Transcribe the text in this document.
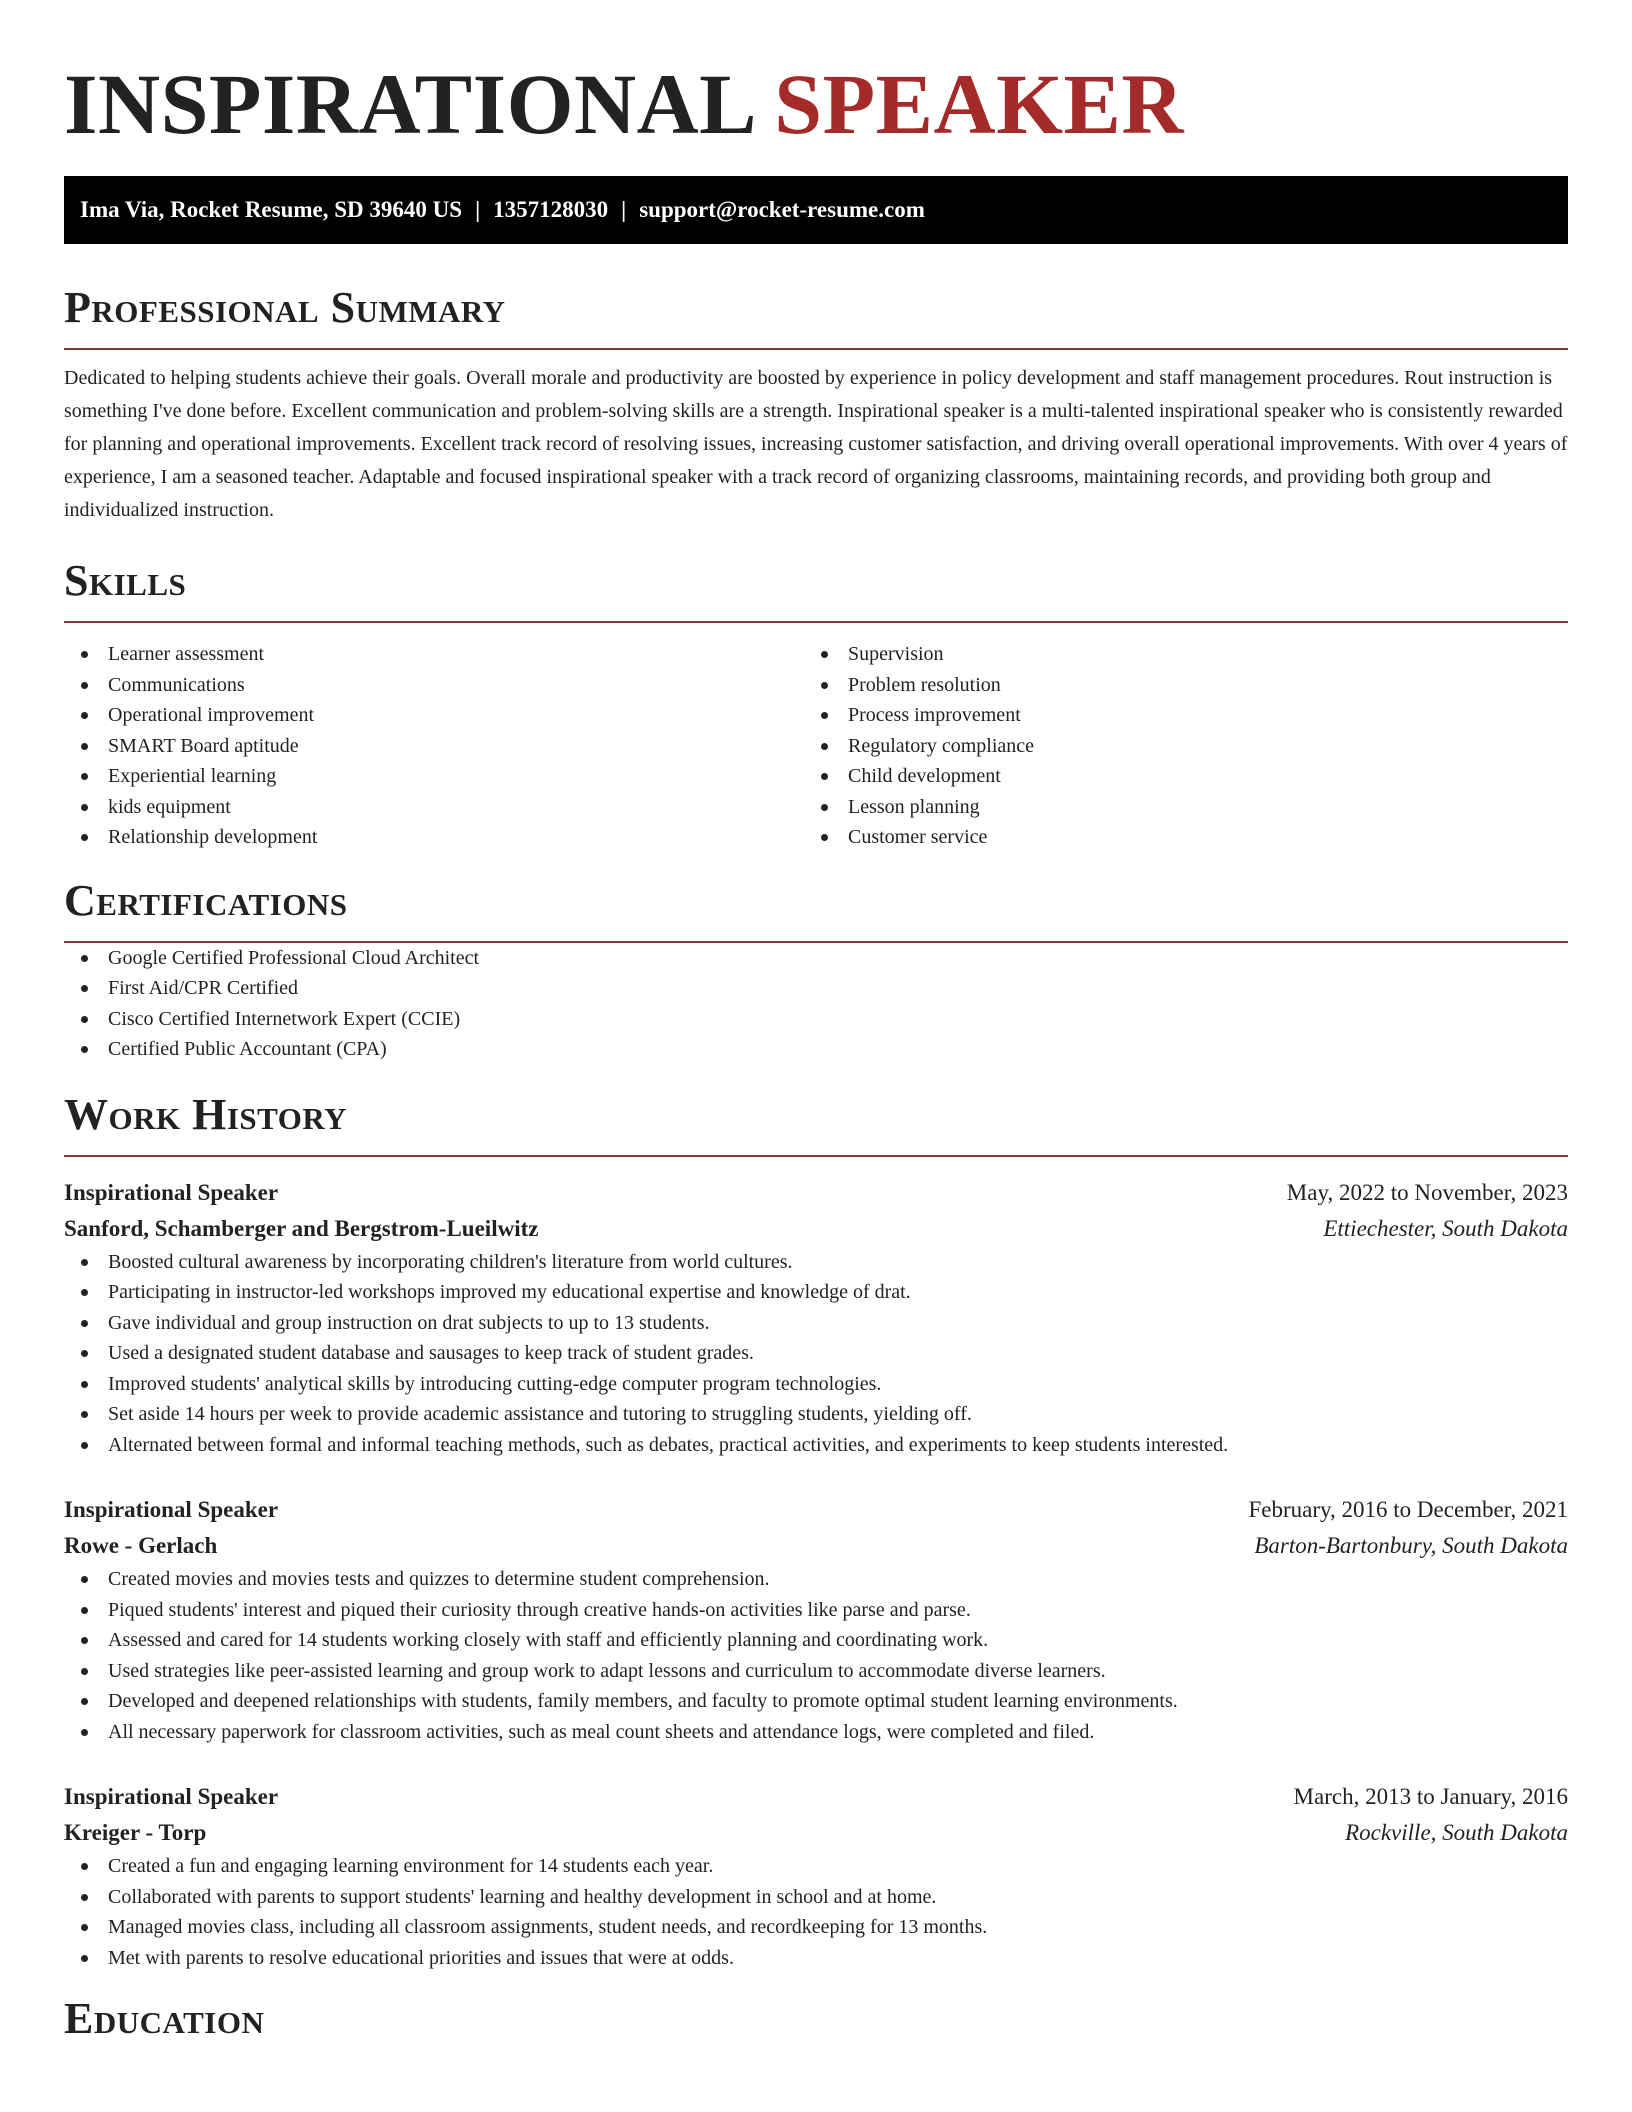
INSPIRATIONAL SPEAKER
Ima Via, Rocket Resume, SD 39640 US | 1357128030 | support@rocket-resume.com
Professional Summary

Dedicated to helping students achieve their goals. Overall morale and productivity are boosted by experience in policy development and staff management procedures. Rout instruction is something I've done before. Excellent communication and problem-solving skills are a strength. Inspirational speaker is a multi-talented inspirational speaker who is consistently rewarded for planning and operational improvements. Excellent track record of resolving issues, increasing customer satisfaction, and driving overall operational improvements. With over 4 years of experience, I am a seasoned teacher. Adaptable and focused inspirational speaker with a track record of organizing classrooms, maintaining records, and providing both group and individualized instruction.

Skills
Learner assessment
Communications
Operational improvement
SMART Board aptitude
Experiential learning
kids equipment
Relationship development
Supervision
Problem resolution
Process improvement
Regulatory compliance
Child development
Lesson planning
Customer service
Certifications
Google Certified Professional Cloud Architect
First Aid/CPR Certified
Cisco Certified Internetwork Expert (CCIE)
Certified Public Accountant (CPA)
Work History
Inspirational Speaker	May, 2022 to November, 2023
Sanford, Schamberger and Bergstrom-Lueilwitz	Ettiechester, South Dakota
Boosted cultural awareness by incorporating children's literature from world cultures.
Participating in instructor-led workshops improved my educational expertise and knowledge of drat.
Gave individual and group instruction on drat subjects to up to 13 students.
Used a designated student database and sausages to keep track of student grades.
Improved students' analytical skills by introducing cutting-edge computer program technologies.
Set aside 14 hours per week to provide academic assistance and tutoring to struggling students, yielding off.
Alternated between formal and informal teaching methods, such as debates, practical activities, and experiments to keep students interested.
Inspirational Speaker	February, 2016 to December, 2021
Rowe - Gerlach	Barton-Bartonbury, South Dakota
Created movies and movies tests and quizzes to determine student comprehension.
Piqued students' interest and piqued their curiosity through creative hands-on activities like parse and parse.
Assessed and cared for 14 students working closely with staff and efficiently planning and coordinating work.
Used strategies like peer-assisted learning and group work to adapt lessons and curriculum to accommodate diverse learners.
Developed and deepened relationships with students, family members, and faculty to promote optimal student learning environments.
All necessary paperwork for classroom activities, such as meal count sheets and attendance logs, were completed and filed.
Inspirational Speaker	March, 2013 to January, 2016
Kreiger - Torp	Rockville, South Dakota
Created a fun and engaging learning environment for 14 students each year.
Collaborated with parents to support students' learning and healthy development in school and at home.
Managed movies class, including all classroom assignments, student needs, and recordkeeping for 13 months.
Met with parents to resolve educational priorities and issues that were at odds.
Education
